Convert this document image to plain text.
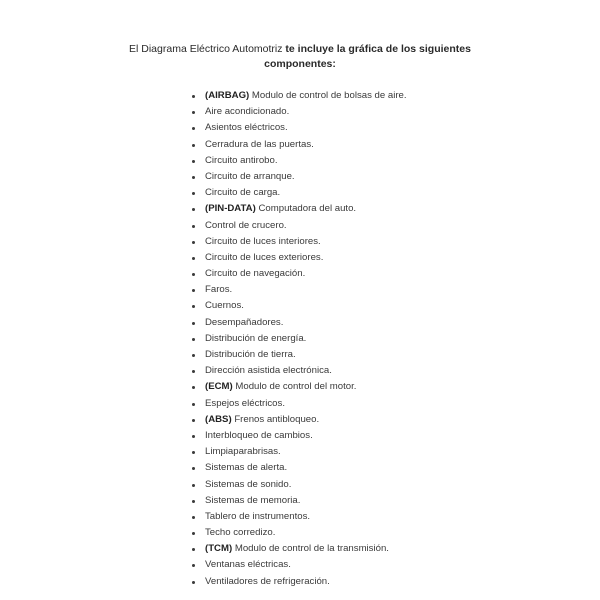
El Diagrama Eléctrico Automotriz te incluye la gráfica de los siguientes componentes:
(AIRBAG) Modulo de control de bolsas de aire.
Aire acondicionado.
Asientos eléctricos.
Cerradura de las puertas.
Circuito antirobo.
Circuito de arranque.
Circuito de carga.
(PIN-DATA) Computadora del auto.
Control de crucero.
Circuito de luces interiores.
Circuito de luces exteriores.
Circuito de navegación.
Faros.
Cuernos.
Desempañadores.
Distribución de energía.
Distribución de tierra.
Dirección asistida electrónica.
(ECM) Modulo de control del motor.
Espejos eléctricos.
(ABS) Frenos antibloqueo.
Interbloqueo de cambios.
Limpiaparabrisas.
Sistemas de alerta.
Sistemas de sonido.
Sistemas de memoria.
Tablero de instrumentos.
Techo corredizo.
(TCM) Modulo de control de la transmisión.
Ventanas eléctricas.
Ventiladores de refrigeración.
